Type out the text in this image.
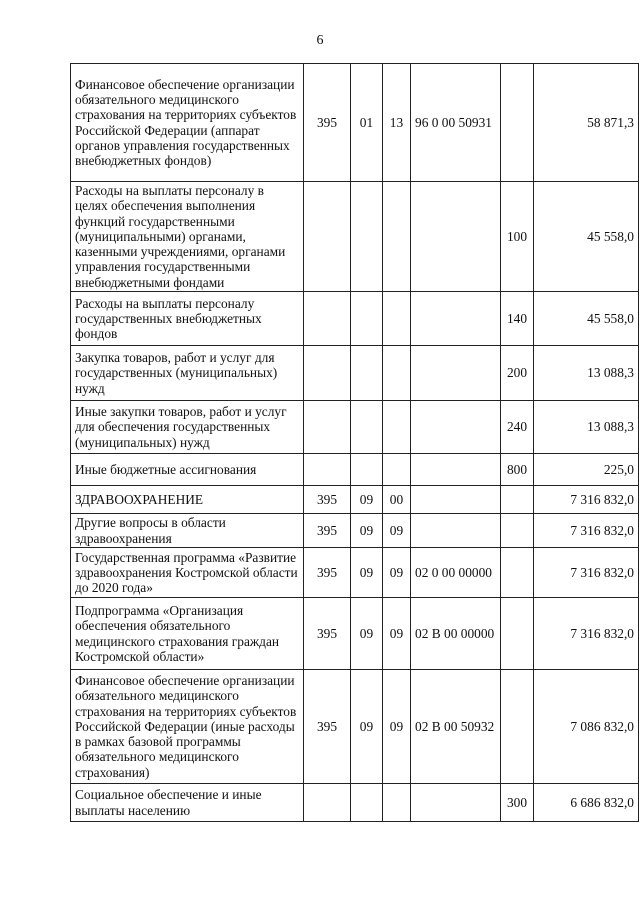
6
Финансовое обеспечение организации обязательного медицинского страхования на территориях субъектов Российской Федерации (аппарат органов управления государственных внебюджетных фондов)	395	01	13	96 0 00 50931		58 871,3
Расходы на выплаты персоналу в целях обеспечения выполнения функций государственными (муниципальными) органами, казенными учреждениями, органами управления государственными внебюджетными фондами					100	45 558,0
Расходы на выплаты персоналу государственных внебюджетных фондов					140	45 558,0
Закупка товаров, работ и услуг для государственных (муниципальных) нужд					200	13 088,3
Иные закупки товаров, работ и услуг для обеспечения государственных (муниципальных) нужд					240	13 088,3
Иные бюджетные ассигнования					800	225,0
ЗДРАВООХРАНЕНИЕ	395	09	00			7 316 832,0
Другие вопросы в области здравоохранения	395	09	09			7 316 832,0
Государственная программа «Развитие здравоохранения Костромской области до 2020 года»	395	09	09	02 0 00 00000		7 316 832,0
Подпрограмма «Организация обеспечения обязательного медицинского страхования граждан Костромской области»	395	09	09	02 В 00 00000		7 316 832,0
Финансовое обеспечение организации обязательного медицинского страхования на территориях субъектов Российской Федерации (иные расходы в рамках базовой программы обязательного медицинского страхования)	395	09	09	02 В 00 50932		7 086 832,0
Социальное обеспечение и иные выплаты населению					300	6 686 832,0
